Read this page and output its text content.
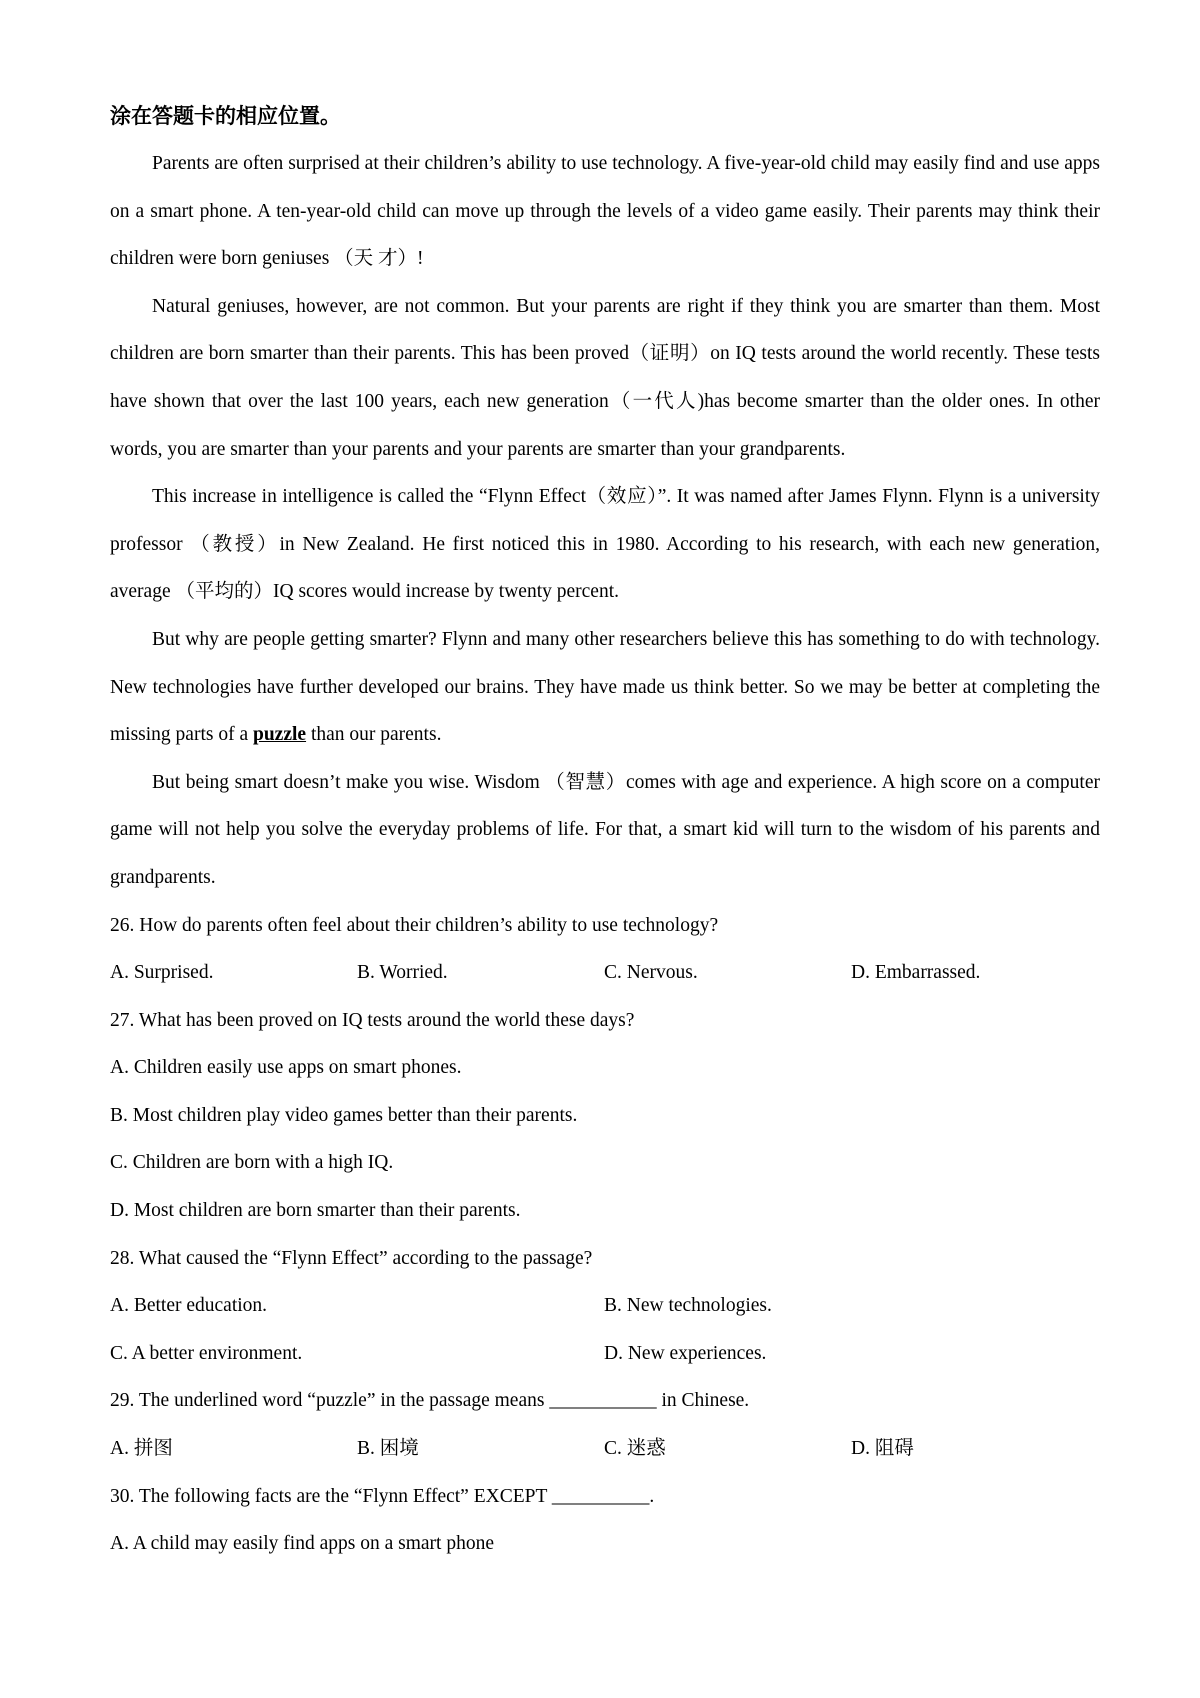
涂在答题卡的相应位置。

Parents are often surprised at their children’s ability to use technology. A five-year-old child may easily find and use apps on a smart phone. A ten-year-old child can move up through the levels of a video game easily. Their parents may think their children were born geniuses （天 才）!

Natural geniuses, however, are not common. But your parents are right if they think you are smarter than them. Most children are born smarter than their parents. This has been proved（证明）on IQ tests around the world recently. These tests have shown that over the last 100 years, each new generation（一代人)has become smarter than the older ones. In other words, you are smarter than your parents and your parents are smarter than your grandparents.

This increase in intelligence is called the “Flynn Effect（效应）”. It was named after James Flynn. Flynn is a university professor （教授）in New Zealand. He first noticed this in 1980. According to his research, with each new generation, average （平均的）IQ scores would increase by twenty percent.

But why are people getting smarter? Flynn and many other researchers believe this has something to do with technology. New technologies have further developed our brains. They have made us think better. So we may be better at completing the missing parts of a puzzle than our parents.

But being smart doesn’t make you wise. Wisdom （智慧）comes with age and experience. A high score on a computer game will not help you solve the everyday problems of life. For that, a smart kid will turn to the wisdom of his parents and grandparents.

26. How do parents often feel about their children’s ability to use technology?

A. Surprised.	B. Worried.	C. Nervous.	D. Embarrassed.

27. What has been proved on IQ tests around the world these days?

A. Children easily use apps on smart phones.

B. Most children play video games better than their parents.

C. Children are born with a high IQ.

D. Most children are born smarter than their parents.

28. What caused the “Flynn Effect” according to the passage?

A. Better education.	B. New technologies.
C. A better environment.	D. New experiences.

29. The underlined word “puzzle” in the passage means ___________ in Chinese.

A. 拼图	B. 困境	C. 迷惑	D. 阻碍

30. The following facts are the “Flynn Effect” EXCEPT __________.

A. A child may easily find apps on a smart phone
